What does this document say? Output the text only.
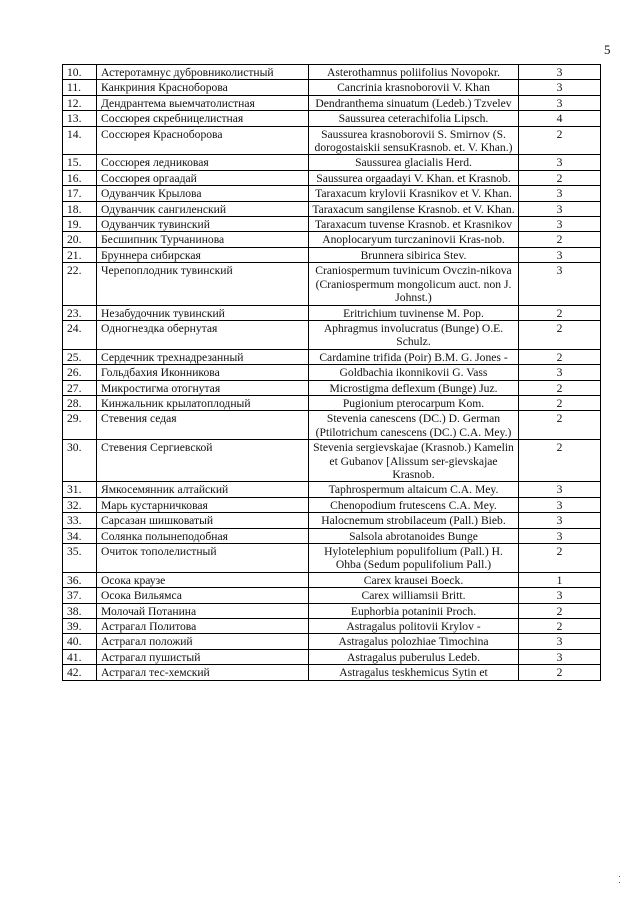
5
10.	Астеротамнус дубровниколистный	Asterothamnus poliifolius Novopokr.	3
11.	Канкриния Красноборова	Cancrinia krasnoborovii V. Khan	3
12.	Дендрантема выемчатолистная	Dendranthema sinuatum (Ledeb.) Tzvelev	3
13.	Соссюрея скребницелистная	Saussurea ceterachifolia Lipsch.	4
14.	Соссюрея Красноборова	Saussurea krasnoborovii S. Smirnov (S. dorogostaiskii sensuKrasnob. et. V. Khan.)	2
15.	Соссюрея ледниковая	Saussurea glacialis Herd.	3
16.	Соссюрея оргаадай	Saussurea orgaadayi V. Khan. et Krasnob.	2
17.	Одуванчик Крылова	Taraxacum krylovii Krasnikov et V. Khan.	3
18.	Одуванчик сангиленский	Taraxacum sangilense Krasnob. et V. Khan.	3
19.	Одуванчик тувинский	Taraxacum tuvense Krasnob. et Krasnikov	3
20.	Бесшипник Турчанинова	Anoplocaryum turczaninovii Kras-nob.	2
21.	Бруннера сибирская	Brunnera sibirica Stev.	3
22.	Черепоплодник тувинский	Craniospermum tuvinicum Ovczin-nikova (Craniospermum mongolicum auct. non J. Johnst.)	3
23.	Незабудочник тувинский	Eritrichium tuvinense M. Pop.	2
24.	Одногнездка обернутая	Aphragmus involucratus (Bunge) O.E. Schulz.	2
25.	Сердечник трехнадрезанный	Cardamine trifida (Poir) B.M. G. Jones -	2
26.	Гольдбахия Иконникова	Goldbachia ikonnikovii G. Vass	3
27.	Микростигма отогнутая	Microstigma deflexum (Bunge) Juz.	2
28.	Кинжальник крылатоплодный	Pugionium pterocarpum Kom.	2
29.	Стевения седая	Stevenia canescens (DC.) D. German (Ptilotrichum canescens (DC.) C.A. Mey.)	2
30.	Стевения Сергиевской	Stevenia sergievskajae (Krasnob.) Kamelin et Gubanov [Alissum ser-gievskajae Krasnob.	2
31.	Ямкосемянник алтайский	Taphrospermum altaicum C.A. Mey.	3
32.	Марь кустарничковая	Chenopodium frutescens C.A. Mey.	3
33.	Сарсазан шишковатый	Halocnemum strobilaceum (Pall.) Bieb.	3
34.	Солянка полынеподобная	Salsola abrotanoides Bunge	3
35.	Очиток тополелистный	Hylotelephium populifolium (Pall.) H. Ohba (Sedum populifolium Pall.)	2
36.	Осока краузе	Carex krausei Boeck.	1
37.	Осока Вильямса	Carex williamsii Britt.	3
38.	Молочай Потанина	Euphorbia potaninii Proch.	2
39.	Астрагал Политова	Astragalus politovii Krylov -	2
40.	Астрагал положий	Astragalus polozhiae Timochina	3
41.	Астрагал пушистый	Astragalus puberulus Ledeb.	3
42.	Астрагал тес-хемский	Astragalus teskhemicus Sytin et	2
